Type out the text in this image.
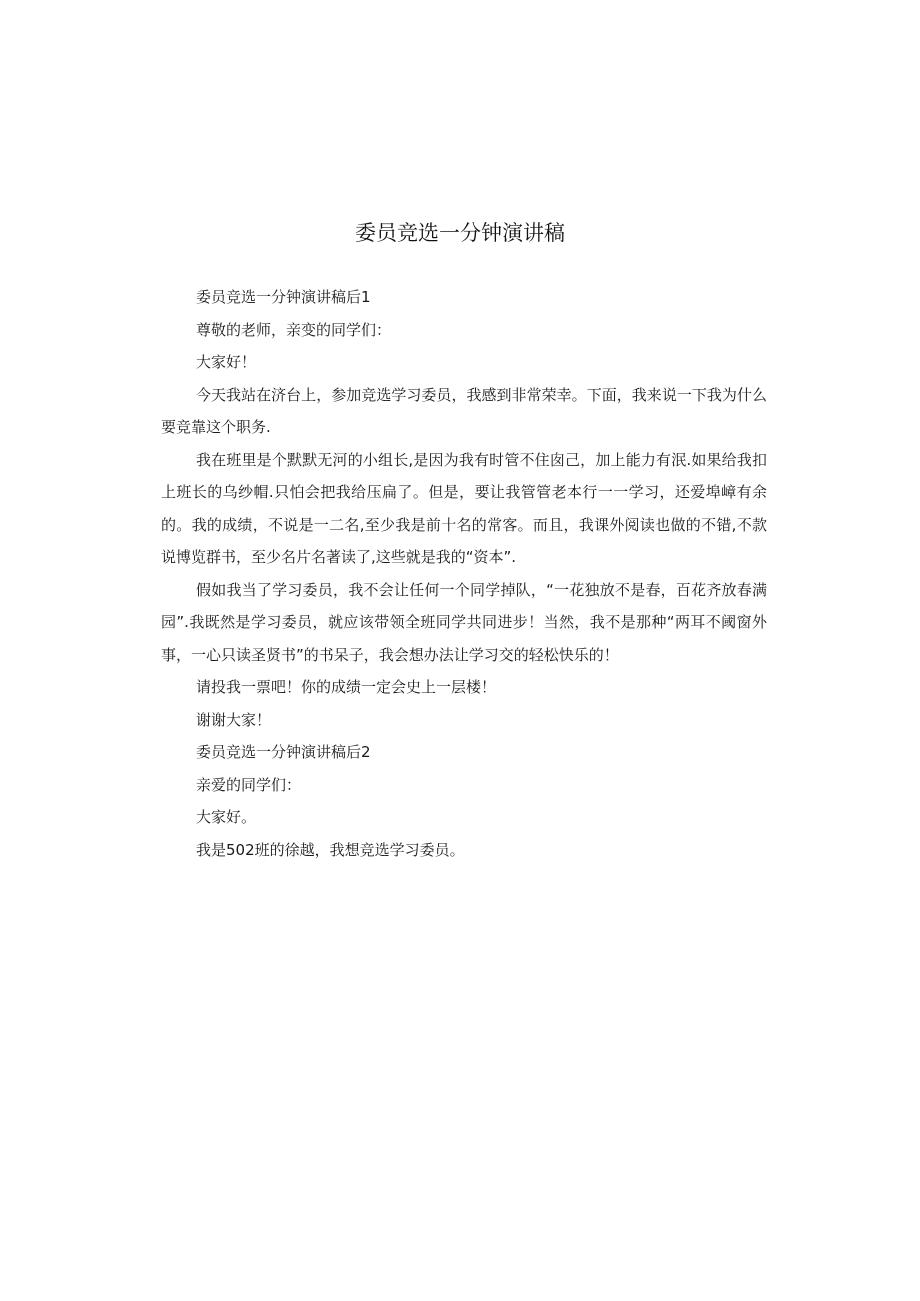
委员竞选一分钟演讲稿

委员竞选一分钟演讲稿后1

尊敬的老师，亲变的同学们：

大家好！

今天我站在济台上，参加竞选学习委员，我感到非常荣幸。下面，我来说一下我为什么要竞靠这个职务.

我在班里是个默默无河的小组长,是因为我有时管不住囱己，加上能力有泯.如果给我扣上班长的乌纱帽.只怕会把我给压扁了。但是，要让我管管老本行一一学习，还爱埠嶂有余的。我的成绩，不说是一二名,至少我是前十名的常客。而且，我课外阅读也做的不错,不款说博览群书，至少名片名著读了,这些就是我的“资本”.

假如我当了学习委员，我不会让任何一个同学掉队，“一花独放不是春，百花齐放春满园”.我既然是学习委员，就应该带领全班同学共同进步！当然，我不是那种“两耳不阈窗外事，一心只读圣贤书”的书呆子，我会想办法让学习交的轻松快乐的！

请投我一票吧！你的成绩一定会史上一层楼！

谢谢大家！

委员竞选一分钟演讲稿后2

亲爱的同学们：

大家好。

我是502班的徐越，我想竞选学习委员。
